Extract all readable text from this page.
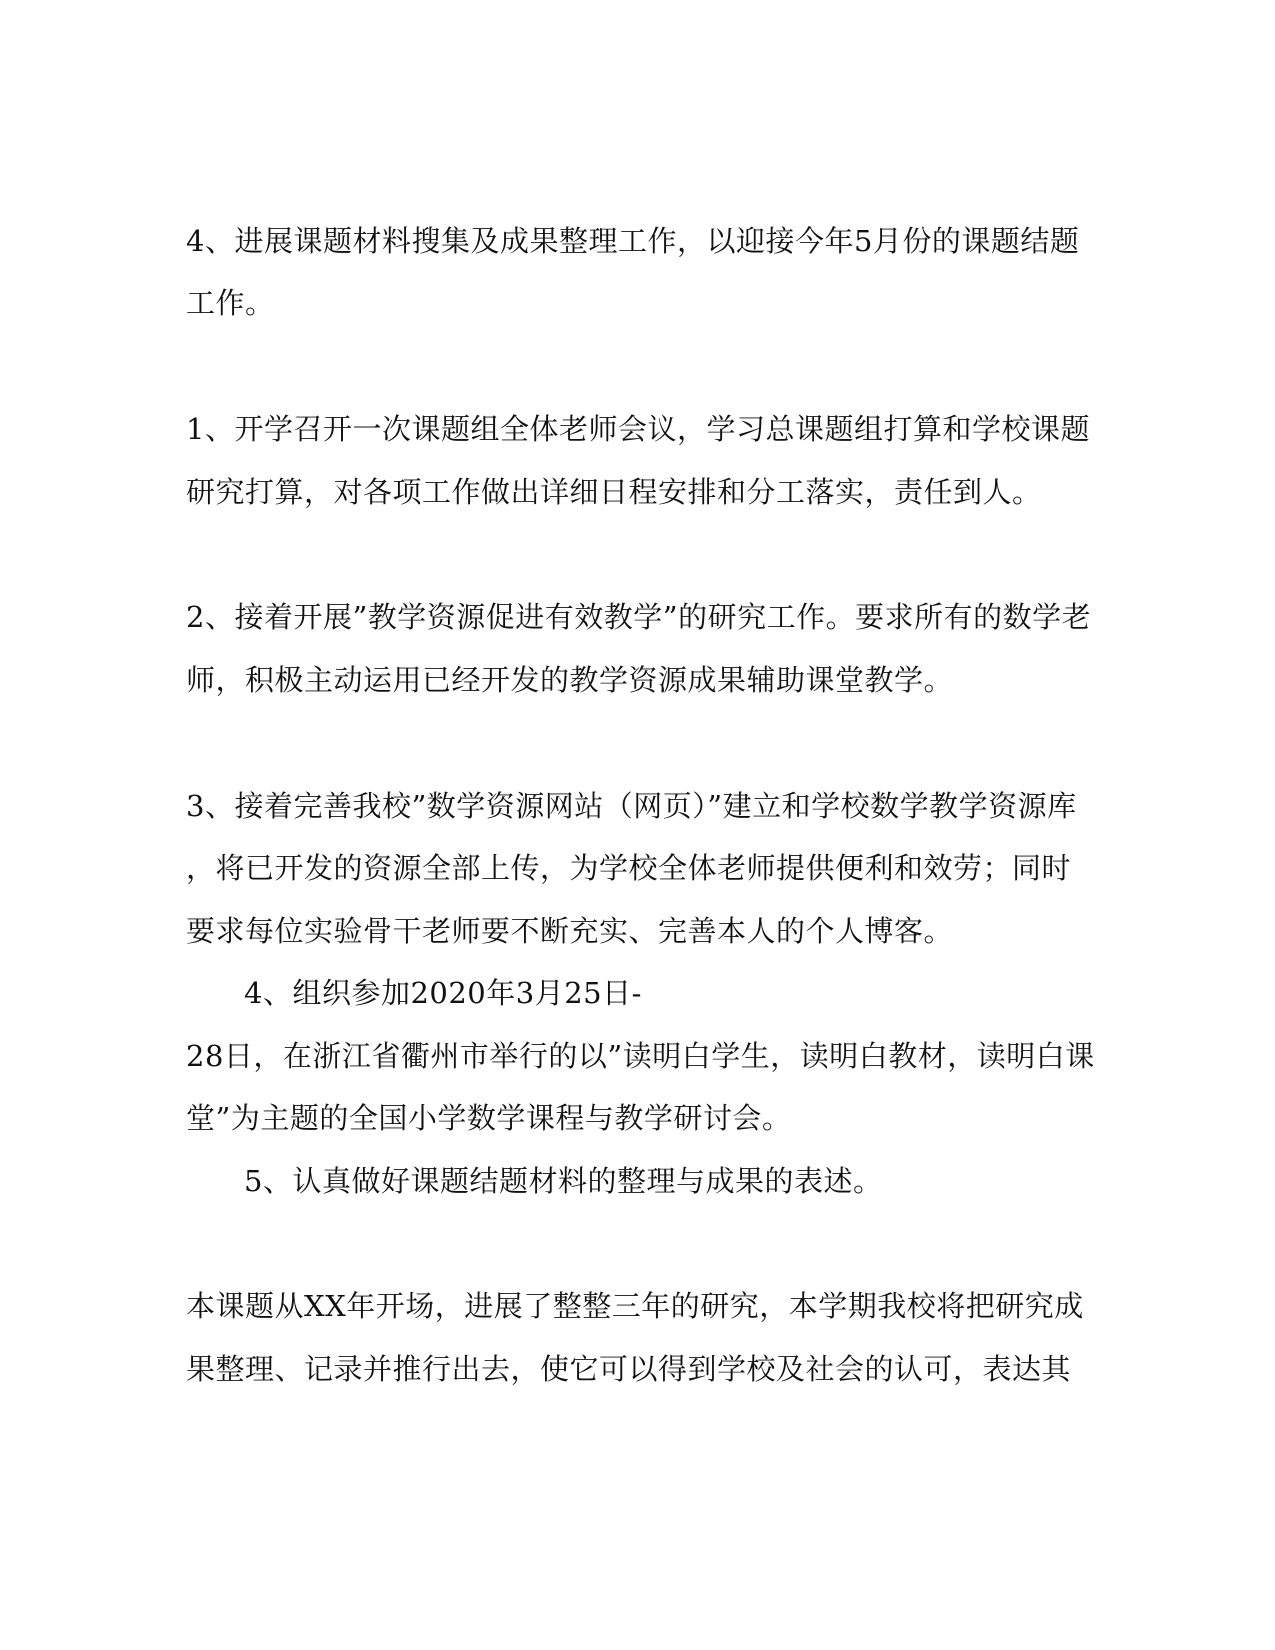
4、进展课题材料搜集及成果整理工作，以迎接今年5月份的课题结题
工作。
1、开学召开一次课题组全体老师会议，学习总课题组打算和学校课题
研究打算，对各项工作做出详细日程安排和分工落实，责任到人。
2、接着开展”教学资源促进有效教学”的研究工作。要求所有的数学老
师，积极主动运用已经开发的教学资源成果辅助课堂教学。
3、接着完善我校”数学资源网站（网页）”建立和学校数学教学资源库
，将已开发的资源全部上传，为学校全体老师提供便利和效劳；同时
要求每位实验骨干老师要不断充实、完善本人的个人博客。
4、组织参加2020年3月25日-
28日，在浙江省衢州市举行的以”读明白学生，读明白教材，读明白课
堂”为主题的全国小学数学课程与教学研讨会。
5、认真做好课题结题材料的整理与成果的表述。
本课题从XX年开场，进展了整整三年的研究，本学期我校将把研究成
果整理、记录并推行出去，使它可以得到学校及社会的认可，表达其
